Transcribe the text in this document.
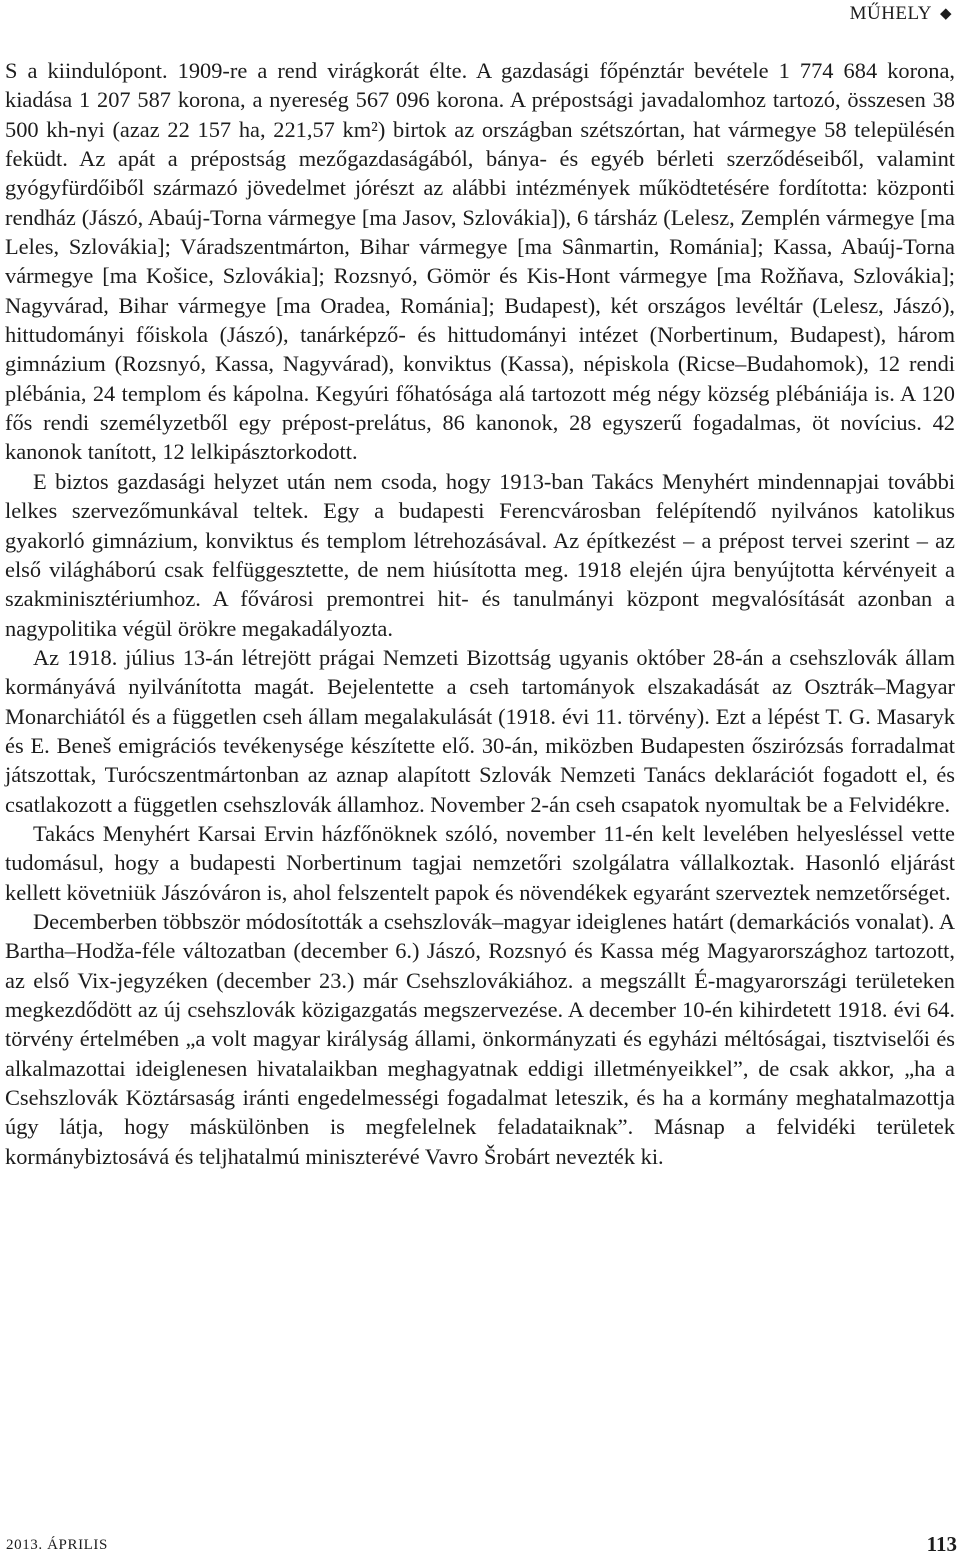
MŰHELY ◆

S a kiindulópont. 1909-re a rend virágkorát élte. A gazdasági főpénztár bevétele 1 774 684 korona, kiadása 1 207 587 korona, a nyereség 567 096 korona. A prépostsági javadalomhoz tartozó, összesen 38 500 kh-nyi (azaz 22 157 ha, 221,57 km²) birtok az országban szétszórtan, hat vármegye 58 településén feküdt. Az apát a prépostság mezőgazdaságából, bánya- és egyéb bérleti szerződéseiből, valamint gyógyfürdőiből származó jövedelmet jórészt az alábbi intézmények működtetésére fordította: központi rendház (Jászó, Abaúj-Torna vármegye [ma Jasov, Szlovákia]), 6 társház (Lelesz, Zemplén vármegye [ma Leles, Szlovákia]; Váradszentmárton, Bihar vármegye [ma Sânmartin, Románia]; Kassa, Abaúj-Torna vármegye [ma Košice, Szlovákia]; Rozsnyó, Gömör és Kis-Hont vármegye [ma Rožňava, Szlovákia]; Nagyvárad, Bihar vármegye [ma Oradea, Románia]; Budapest), két országos levéltár (Lelesz, Jászó), hittudományi főiskola (Jászó), tanárképző- és hittudományi intézet (Norbertinum, Budapest), három gimnázium (Rozsnyó, Kassa, Nagyvárad), konviktus (Kassa), népiskola (Ricse–Budahomok), 12 rendi plébánia, 24 templom és kápolna. Kegyúri főhatósága alá tartozott még négy község plébániája is. A 120 fős rendi személyzetből egy prépost-prelátus, 86 kanonok, 28 egyszerű fogadalmas, öt novícius. 42 kanonok tanított, 12 lelkipásztorkodott.

E biztos gazdasági helyzet után nem csoda, hogy 1913-ban Takács Menyhért mindennapjai további lelkes szervezőmunkával teltek. Egy a budapesti Ferencvárosban felépítendő nyilvános katolikus gyakorló gimnázium, konviktus és templom létrehozásával. Az építkezést – a prépost tervei szerint – az első világháború csak felfüggesztette, de nem hiúsította meg. 1918 elején újra benyújtotta kérvényeit a szakminisztériumhoz. A fővárosi premontrei hit- és tanulmányi központ megvalósítását azonban a nagypolitika végül örökre megakadályozta.

Az 1918. július 13-án létrejött prágai Nemzeti Bizottság ugyanis október 28-án a csehszlovák állam kormányává nyilvánította magát. Bejelentette a cseh tartományok elszakadását az Osztrák–Magyar Monarchiától és a független cseh állam megalakulását (1918. évi 11. törvény). Ezt a lépést T. G. Masaryk és E. Beneš emigrációs tevékenysége készítette elő. 30-án, miközben Budapesten őszirózsás forradalmat játszottak, Turócszentmártonban az aznap alapított Szlovák Nemzeti Tanács deklarációt fogadott el, és csatlakozott a független csehszlovák államhoz. November 2-án cseh csapatok nyomultak be a Felvidékre.

Takács Menyhért Karsai Ervin házfőnöknek szóló, november 11-én kelt levelében helyesléssel vette tudomásul, hogy a budapesti Norbertinum tagjai nemzetőri szolgálatra vállalkoztak. Hasonló eljárást kellett követniük Jászóváron is, ahol felszentelt papok és növendékek egyaránt szerveztek nemzetőrséget.

Decemberben többször módosították a csehszlovák–magyar ideiglenes határt (demarkációs vonalat). A Bartha–Hodža-féle változatban (december 6.) Jászó, Rozsnyó és Kassa még Magyarországhoz tartozott, az első Vix-jegyzéken (december 23.) már Csehszlovákiához. a megszállt É-magyarországi területeken megkezdődött az új csehszlovák közigazgatás megszervezése. A december 10-én kihirdetett 1918. évi 64. törvény értelmében „a volt magyar királyság állami, önkormányzati és egyházi méltóságai, tisztviselői és alkalmazottai ideiglenesen hivatalaikban meghagyatnak eddigi illetményeikkel”, de csak akkor, „ha a Csehszlovák Köztársaság iránti engedelmességi fogadalmat leteszik, és ha a kormány meghatalmazottja úgy látja, hogy máskülönben is megfelelnek feladataiknak”. Másnap a felvidéki területek kormánybiztosává és teljhatalmú miniszterévé Vavro Šrobárt nevezték ki.

2013. ÁPRILIS	113
